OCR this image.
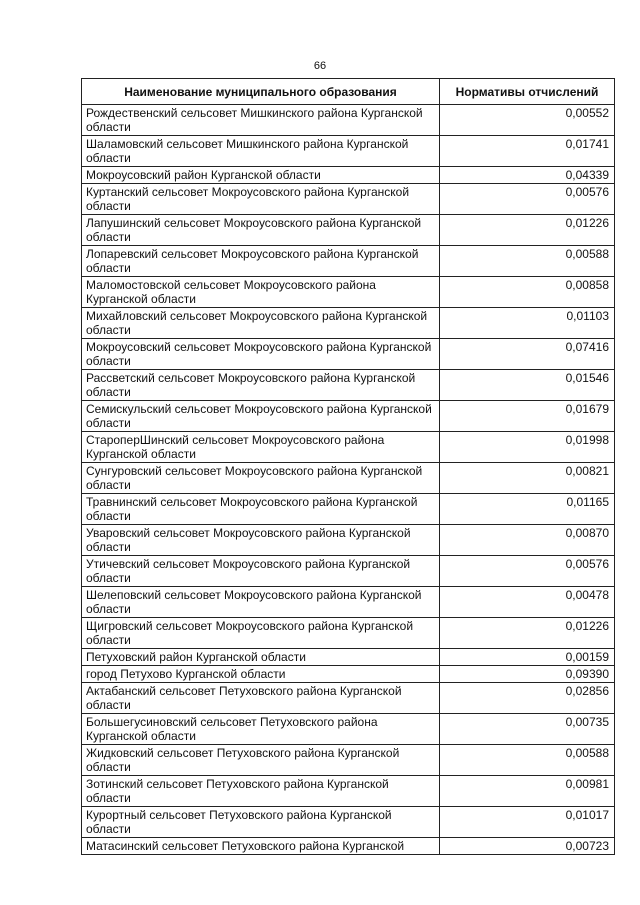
66
Наименование муниципального образования	Нормативы отчислений
Рождественский сельсовет Мишкинского района Курганской области	0,00552
Шаламовский сельсовет Мишкинского района Курганской области	0,01741
Мокроусовский район Курганской области	0,04339
Куртанский сельсовет Мокроусовского района Курганской области	0,00576
Лапушинский сельсовет Мокроусовского района Курганской области	0,01226
Лопаревский сельсовет Мокроусовского района Курганской области	0,00588
Маломостовской сельсовет Мокроусовского района Курганской области	0,00858
Михайловский сельсовет Мокроусовского района Курганской области	0,01103
Мокроусовский сельсовет Мокроусовского района Курганской области	0,07416
Рассветский сельсовет Мокроусовского района Курганской области	0,01546
Семискульский сельсовет Мокроусовского района Курганской области	0,01679
СтароперШинский сельсовет Мокроусовского района Курганской области	0,01998
Сунгуровский сельсовет Мокроусовского района Курганской области	0,00821
Травнинский сельсовет Мокроусовского района Курганской области	0,01165
Уваровский сельсовет Мокроусовского района Курганской области	0,00870
Утичевский сельсовет Мокроусовского района Курганской области	0,00576
Шелеповский сельсовет Мокроусовского района Курганской области	0,00478
Щигровский сельсовет Мокроусовского района Курганской области	0,01226
Петуховский район Курганской области	0,00159
город Петухово Курганской области	0,09390
Актабанский сельсовет Петуховского района Курганской области	0,02856
Большегусиновский сельсовет Петуховского района Курганской области	0,00735
Жидковский сельсовет Петуховского района Курганской области	0,00588
Зотинский сельсовет Петуховского района Курганской области	0,00981
Курортный сельсовет Петуховского района Курганской области	0,01017
Матасинский сельсовет Петуховского района Курганской	0,00723
